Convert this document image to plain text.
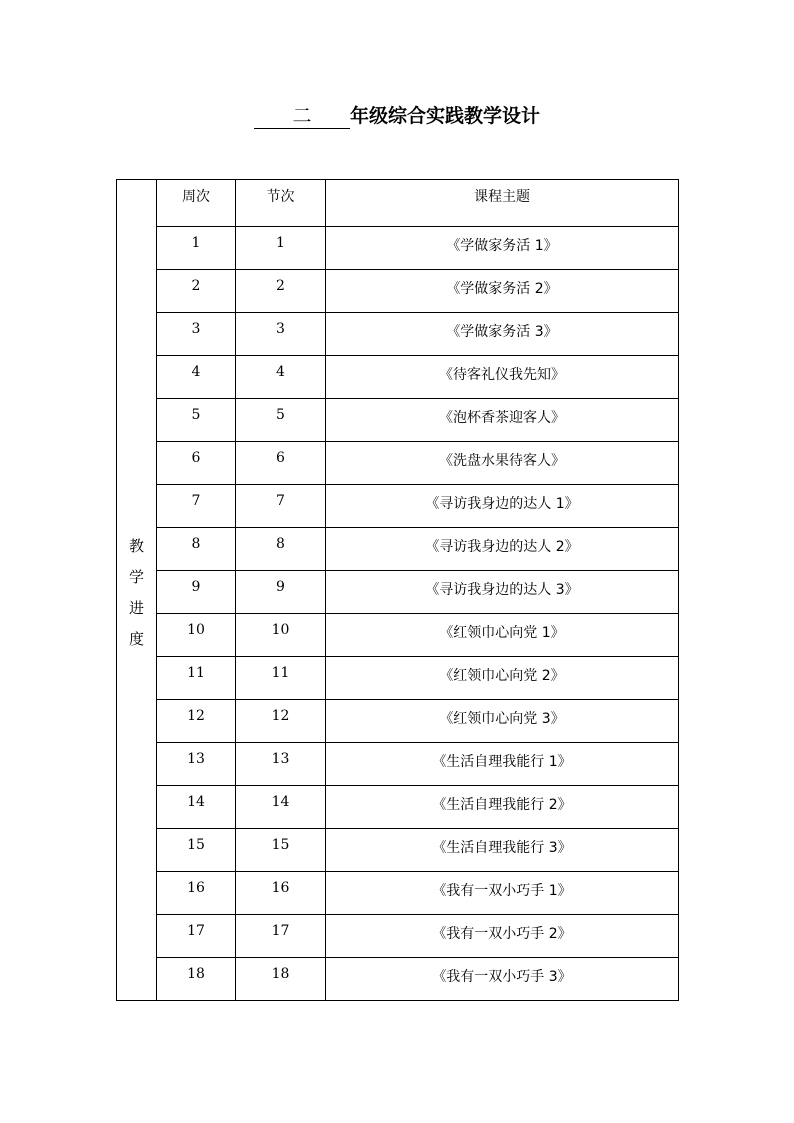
二 年级综合实践教学设计
教
学
进
度	周次	节次	课程主题
	1	1	《学做家务活 1》
	2	2	《学做家务活 2》
	3	3	《学做家务活 3》
	4	4	《待客礼仪我先知》
	5	5	《泡杯香茶迎客人》
	6	6	《洗盘水果待客人》
	7	7	《寻访我身边的达人 1》
	8	8	《寻访我身边的达人 2》
	9	9	《寻访我身边的达人 3》
	10	10	《红领巾心向党 1》
	11	11	《红领巾心向党 2》
	12	12	《红领巾心向党 3》
	13	13	《生活自理我能行 1》
	14	14	《生活自理我能行 2》
	15	15	《生活自理我能行 3》
	16	16	《我有一双小巧手 1》
	17	17	《我有一双小巧手 2》
	18	18	《我有一双小巧手 3》
